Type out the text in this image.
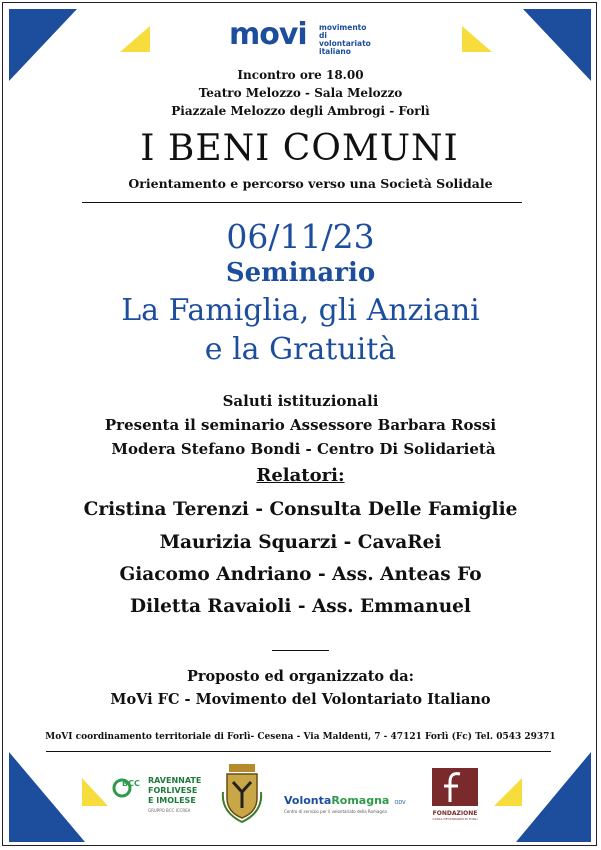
movi movimento
di volontariato
italiano
Incontro ore 18.00
Teatro Melozzo - Sala Melozzo
Piazzale Melozzo degli Ambrogi - Forlì
I BENI COMUNI
Orientamento e percorso verso una Società Solidale
06/11/23
Seminario
La Famiglia, gli Anziani
e la Gratuità
Saluti istituzionali
Presenta il seminario Assessore Barbara Rossi
Modera Stefano Bondi - Centro Di Solidarietà
Relatori:
Cristina Terenzi - Consulta Delle Famiglie
Maurizia Squarzi - CavaRei
Giacomo Andriano - Ass. Anteas Fo
Diletta Ravaioli - Ass. Emmanuel
Proposto ed organizzato da:
MoVi FC - Movimento del Volontariato Italiano
MoVI coordinamento territoriale di Forlì- Cesena - Via Maldenti, 7 - 47121 Forlì (Fc) Tel. 0543 29371
BCC RAVENNATE
FORLIVESE
E IMOLESE
GRUPPO BCC ICCREA
VolontaRomagna ODV
Centro di servizio per il volontariato della Romagna	FONDAZIONE
CASSA DEI RISPARMI DI FORLÌ
